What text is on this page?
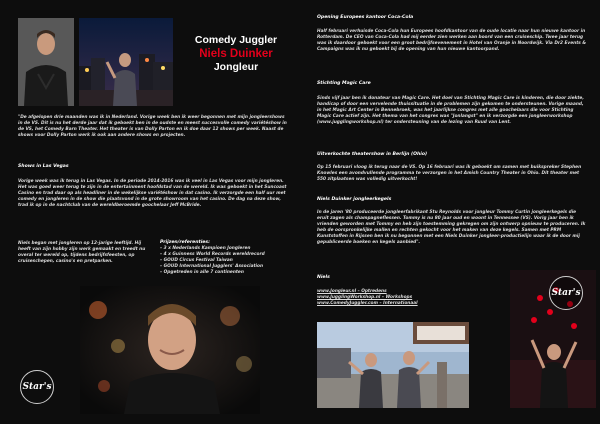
"De afgelopen drie maanden was ik in Nederland. Vorige week ben ik weer begonnen met mijn jongleershows in de VS. Dit is nu het derde jaar dat ik geboekt ben in de oudste en meest succesvolle comedy variétéshow in de VS, het Comedy Barn Theater. Het theater is van Dolly Parton en ik doe daar 12 shows per week. Naast de shows voor Dolly Parton werk ik ook aan andere shows en projecten.
Shows in Las Vegas
Vorige week was ik terug in Las Vegas. In de periode 2014-2016 was ik veel in Las Vegas voor mijn jongleren. Het was goed weer terug te zijn in de entertainment hoofdstad van de wereld. Ik was geboekt in het Suncoast Casino en trad daar op als headliner in de wekelijkse variétéshow in dat casino. Ik verzorgde een half uur met comedy en jongleren in de show die plaatsvond in de grote showroom van het casino. De dag na deze show, trad ik op in de nachtclub van de wereldberoemde goochelaar Jeff McBride.
Niels began met jongleren op 12-jarige leeftijd. Hij heeft van zijn hobby zijn werk gemaakt en treedt nu overal ter wereld op, tijdens bedrijfsfeesten, op cruiseschepen, casino's en pretparken.
Prijzen/referenties:
– 3 x Nederlands Kampioen Jongleren
– 4 x Guinness World Records wereldrecord
– GOUD Circus Festival Taiwan
– GOUD International Jugglers' Association
– Opgetreden in alle 7 continenten
Star's
Opening Europees kantoor Coca-Cola
Half februari verhuisde Coca-Cola hun Europees hoofdkantoor van de oude locatie naar hun nieuwe kantoor in Rotterdam. De CEO van Coca-Cola had mij eerder zien werken aan boord van een cruiseschip. Twee jaar terug was ik daardoor geboekt voor een groot bedrijfsevenement in Hotel van Oranje in Noordwijk. Via Dr2 Events & Campaigns was ik nu geboekt bij de opening van hun nieuwe kantoorpand.
Stichting Magic Care
Sinds vijf jaar ben ik donateur van Magic Care. Het doel van Stichting Magic Care is kinderen, die door ziekte, handicap of door een vervelende thuissituatie in de problemen zijn gekomen te ondersteunen. Vorige maand, in het Magic Art Center in Bennebroek, was het jaarlijkse congres met alle goochelaars die voor Stichting Magic Care actief zijn. Het thema van het congres was "Jonlangst" en ik verzorgde een jongleerworkshop (www.jugglingworkshop.nl) ter ondersteuning van de lezing van Ruud van Lent.
Uitverkochte theatershow in Berlijn (Ohio)
Op 15 februari vloog ik terug naar de VS. Op 16 februari was ik geboekt om samen met buikspreker Stephen Knowles een avondvullende programma te verzorgen in het Amish Country Theater in Ohio. Dit theater met 550 zitplaatsen was volledig uitverkocht!
Niels Duinker jongleerkegels
In de jaren '80 produceerde jongleerfabrikant Stu Reynolds voor jongleur Tommy Curtin jongleerkegels die eruit zagen als champagneflessen. Tommy is nu 80 jaar oud en woont in Tennessee (VS). Vorig jaar ben ik vrienden geworden met Tommy en heb zijn toestemming gekregen om zijn ontwerp opnieuw te produceren. Ik heb de oorspronkelijke mallen en rechten gekocht voor het maken van deze kegels. Samen met PRM Kunststoffen in Rijssen ben ik nu begonnen met een Niels Duinker jongleer-productielijn waar ik de door mij gepubliceerde boeken en kegels aanbied".
Niels
www.Jongleur.nl – Optredens
www.JugglingWorkshop.nl – Workshops
www.ComedyJuggler.com – Internationaal
Star's
Comedy Juggler
Niels Duinker
Jongleur
